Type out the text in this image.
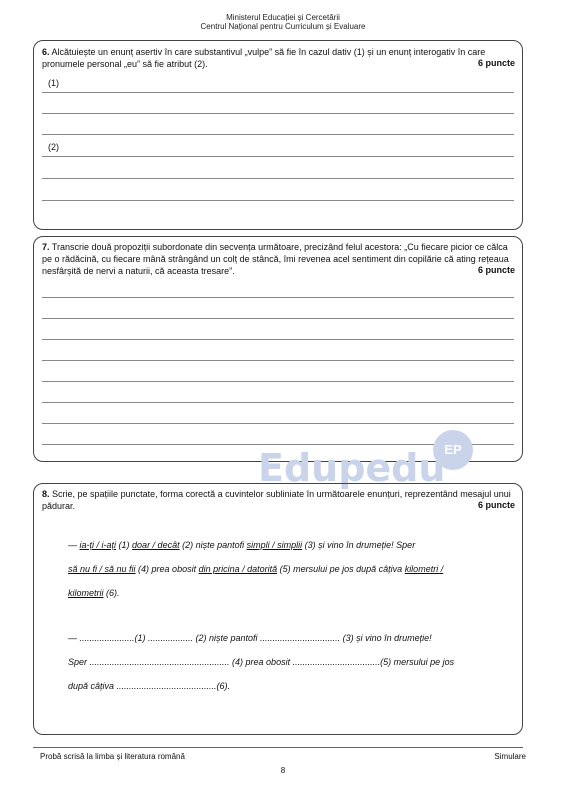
Ministerul Educației și Cercetării
Centrul Național pentru Curriculum și Evaluare
6. Alcătuiește un enunț asertiv în care substantivul „vulpe” să fie în cazul dativ (1) și un enunț interogativ în care pronumele personal „eu” să fie atribut (2).	6 puncte
(1)
(2)
7. Transcrie două propoziții subordonate din secvența următoare, precizând felul acestora: „Cu fiecare picior ce călca pe o rădăcină, cu fiecare mână strângând un colț de stâncă, îmi revenea acel sentiment din copilărie că ating rețeaua nesfârșită de nervi a naturii, că aceasta tresare”.	6 puncte
EP
Edupedu
8. Scrie, pe spațiile punctate, forma corectă a cuvintelor subliniate în următoarele enunțuri, reprezentând mesajul unui pădurar.	6 puncte
— ia-ți / i-ați (1) doar / decât (2) niște pantofi simpli / simplii (3) și vino în drumeție! Sper
să nu fi / să nu fii (4) prea obosit din pricina / datorită (5) mersului pe jos după câțiva kilometri /
kilometrii (6).
— ......................(1) .................. (2) niște pantofi ................................ (3) și vino în drumeție!
Sper ........................................................ (4) prea obosit ...................................(5) mersului pe jos
după câțiva ........................................(6).
Probă scrisă la limba și literatura română	Simulare
8
